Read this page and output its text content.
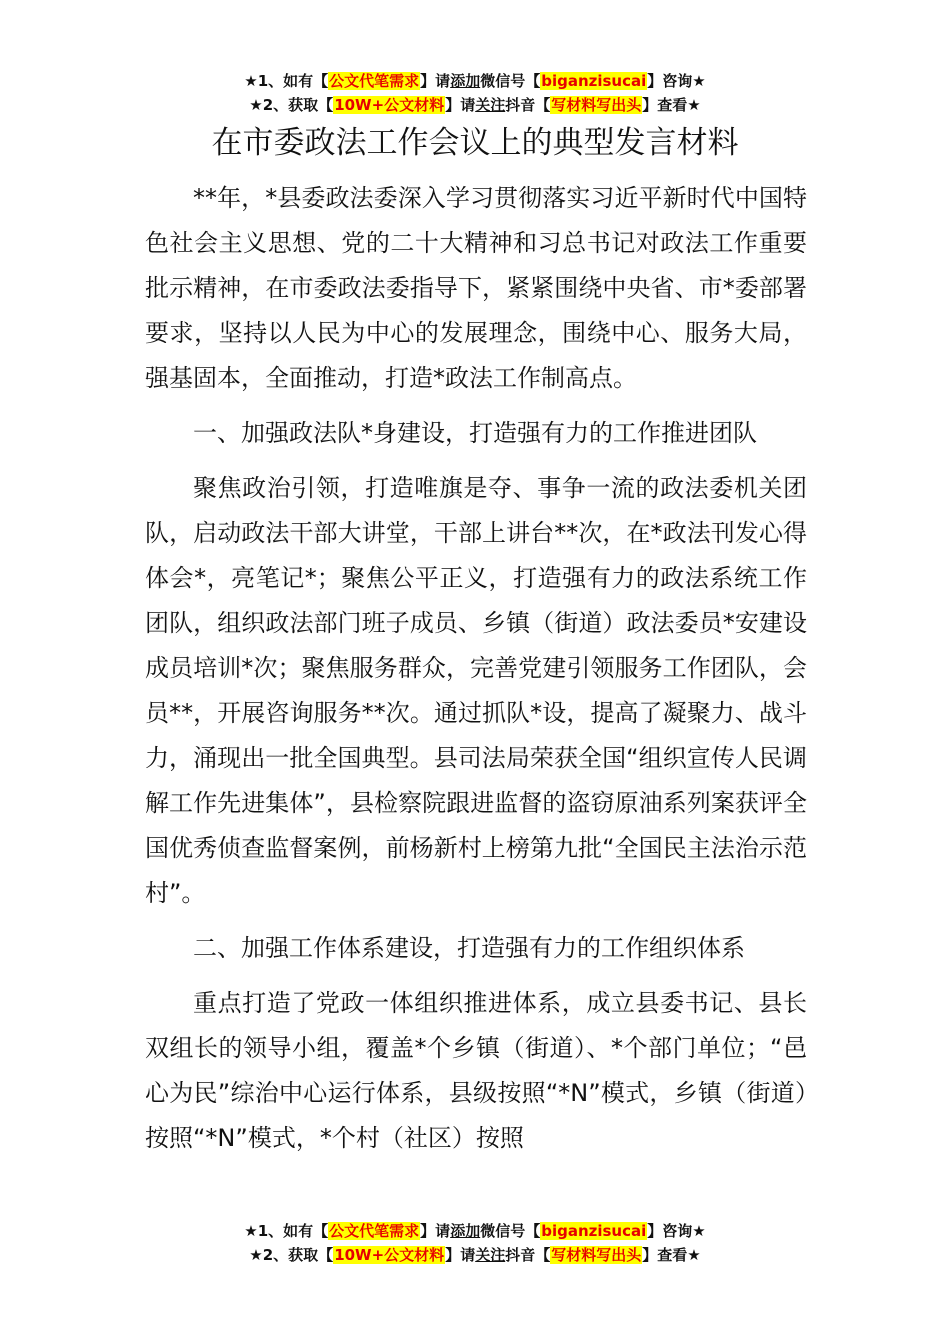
★1、如有【公文代笔需求】请添加微信号【biganzisucai】咨询★
★2、获取【10W+公文材料】请关注抖音【写材料写出头】查看★
在市委政法工作会议上的典型发言材料

**年，*县委政法委深入学习贯彻落实习近平新时代中国特色社会主义思想、党的二十大精神和习总书记对政法工作重要批示精神，在市委政法委指导下，紧紧围绕中央省、市*委部署要求，坚持以人民为中心的发展理念，围绕中心、服务大局，强基固本，全面推动，打造*政法工作制高点。

一、加强政法队*身建设，打造强有力的工作推进团队

聚焦政治引领，打造唯旗是夺、事争一流的政法委机关团队，启动政法干部大讲堂，干部上讲台**次，在*政法刊发心得体会*，亮笔记*；聚焦公平正义，打造强有力的政法系统工作团队，组织政法部门班子成员、乡镇（街道）政法委员*安建设成员培训*次；聚焦服务群众，完善党建引领服务工作团队，会员**，开展咨询服务**次。通过抓队*设，提高了凝聚力、战斗力，涌现出一批全国典型。县司法局荣获全国“组织宣传人民调解工作先进集体”，县检察院跟进监督的盗窃原油系列案获评全国优秀侦查监督案例，前杨新村上榜第九批“全国民主法治示范村”。

二、加强工作体系建设，打造强有力的工作组织体系

重点打造了党政一体组织推进体系，成立县委书记、县长双组长的领导小组，覆盖*个乡镇（街道）、*个部门单位；“邑心为民”综治中心运行体系，县级按照“*N”模式，乡镇（街道）按照“*N”模式，*个村（社区）按照

★1、如有【公文代笔需求】请添加微信号【biganzisucai】咨询★
★2、获取【10W+公文材料】请关注抖音【写材料写出头】查看★
